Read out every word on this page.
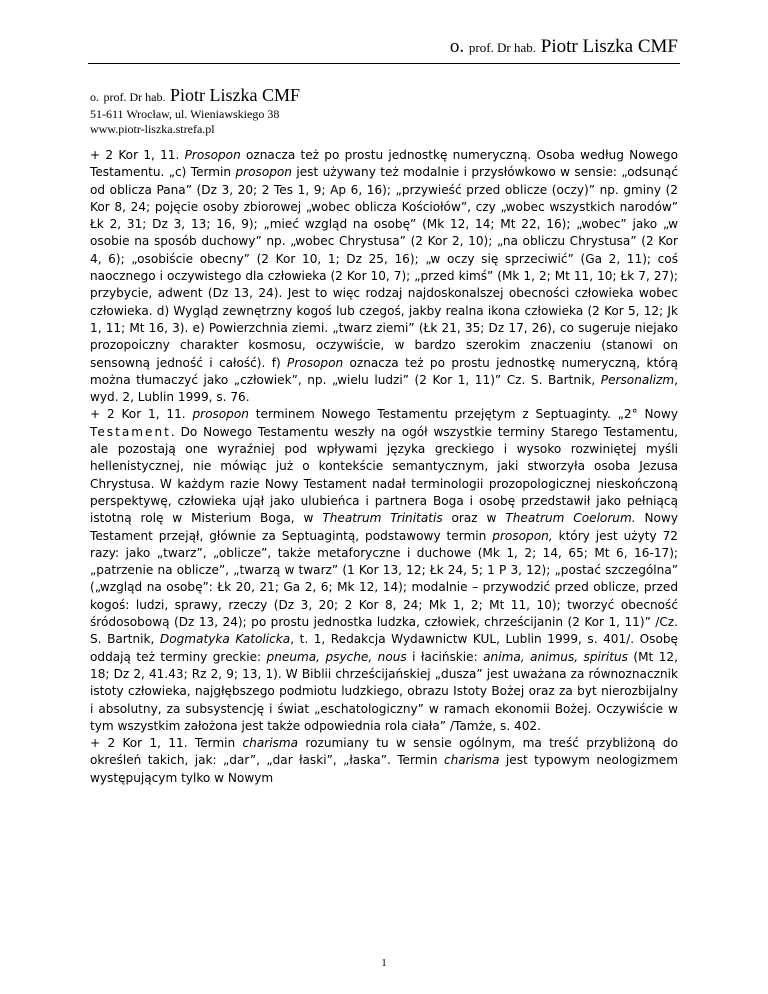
o. prof. Dr hab. Piotr Liszka CMF
o. prof. Dr hab. Piotr Liszka CMF
51-611 Wrocław, ul. Wieniawskiego 38
www.piotr-liszka.strefa.pl

+ 2 Kor 1, 11. Prosopon oznacza też po prostu jednostkę numeryczną. Osoba według Nowego Testamentu. „c) Termin prosopon jest używany też modalnie i przysłówkowo w sensie: „odsunąć od oblicza Pana” (Dz 3, 20; 2 Tes 1, 9; Ap 6, 16); „przywieść przed oblicze (oczy)” np. gminy (2 Kor 8, 24; pojęcie osoby zbiorowej „wobec oblicza Kościołów”, czy „wobec wszystkich narodów” Łk 2, 31; Dz 3, 13; 16, 9); „mieć wzgląd na osobę” (Mk 12, 14; Mt 22, 16); „wobec” jako „w osobie na sposób duchowy” np. „wobec Chrystusa” (2 Kor 2, 10); „na obliczu Chrystusa” (2 Kor 4, 6); „osobiście obecny” (2 Kor 10, 1; Dz 25, 16); „w oczy się sprzeciwić” (Ga 2, 11); coś naocznego i oczywistego dla człowieka (2 Kor 10, 7); „przed kimś” (Mk 1, 2; Mt 11, 10; Łk 7, 27); przybycie, adwent (Dz 13, 24). Jest to więc rodzaj najdoskonalszej obecności człowieka wobec człowieka. d) Wygląd zewnętrzny kogoś lub czegoś, jakby realna ikona człowieka (2 Kor 5, 12; Jk 1, 11; Mt 16, 3). e) Powierzchnia ziemi. „twarz ziemi” (Łk 21, 35; Dz 17, 26), co sugeruje niejako prozopoiczny charakter kosmosu, oczywiście, w bardzo szerokim znaczeniu (stanowi on sensowną jedność i całość). f) Prosopon oznacza też po prostu jednostkę numeryczną, którą można tłumaczyć jako „człowiek”, np. „wielu ludzi” (2 Kor 1, 11)” Cz. S. Bartnik, Personalizm, wyd. 2, Lublin 1999, s. 76.

+ 2 Kor 1, 11. prosopon terminem Nowego Testamentu przejętym z Septuaginty. „2° Nowy Testament. Do Nowego Testamentu weszły na ogół wszystkie terminy Starego Testamentu, ale pozostają one wyraźniej pod wpływami języka greckiego i wysoko rozwiniętej myśli hellenistycznej, nie mówiąc już o kontekście semantycznym, jaki stworzyła osoba Jezusa Chrystusa. W każdym razie Nowy Testament nadał terminologii prozopologicznej nieskończoną perspektywę, człowieka ujął jako ulubieńca i partnera Boga i osobę przedstawił jako pełniącą istotną rolę w Misterium Boga, w Theatrum Trinitatis oraz w Theatrum Coelorum. Nowy Testament przejął, głównie za Septuagintą, podstawowy termin prosopon, który jest użyty 72 razy: jako „twarz”, „oblicze”, także metaforyczne i duchowe (Mk 1, 2; 14, 65; Mt 6, 16-17); „patrzenie na oblicze”, „twarzą w twarz” (1 Kor 13, 12; Łk 24, 5; 1 P 3, 12); „postać szczególna” („wzgląd na osobę”: Łk 20, 21; Ga 2, 6; Mk 12, 14); modalnie – przywodzić przed oblicze, przed kogoś: ludzi, sprawy, rzeczy (Dz 3, 20; 2 Kor 8, 24; Mk 1, 2; Mt 11, 10); tworzyć obecność śródosobową (Dz 13, 24); po prostu jednostka ludzka, człowiek, chrześcijanin (2 Kor 1, 11)” /Cz. S. Bartnik, Dogmatyka Katolicka, t. 1, Redakcja Wydawnictw KUL, Lublin 1999, s. 401/. Osobę oddają też terminy greckie: pneuma, psyche, nous i łacińskie: anima, animus, spiritus (Mt 12, 18; Dz 2, 41.43; Rz 2, 9; 13, 1). W Biblii chrześcijańskiej „dusza” jest uważana za równoznacznik istoty człowieka, najgłębszego podmiotu ludzkiego, obrazu Istoty Bożej oraz za byt nierozbijalny i absolutny, za subsystencję i świat „eschatologiczny” w ramach ekonomii Bożej. Oczywiście w tym wszystkim założona jest także odpowiednia rola ciała” /Tamże, s. 402.

+ 2 Kor 1, 11. Termin charisma rozumiany tu w sensie ogólnym, ma treść przybliżoną do określeń takich, jak: „dar”, „dar łaski”, „łaska”. Termin charisma jest typowym neologizmem występującym tylko w Nowym

1
